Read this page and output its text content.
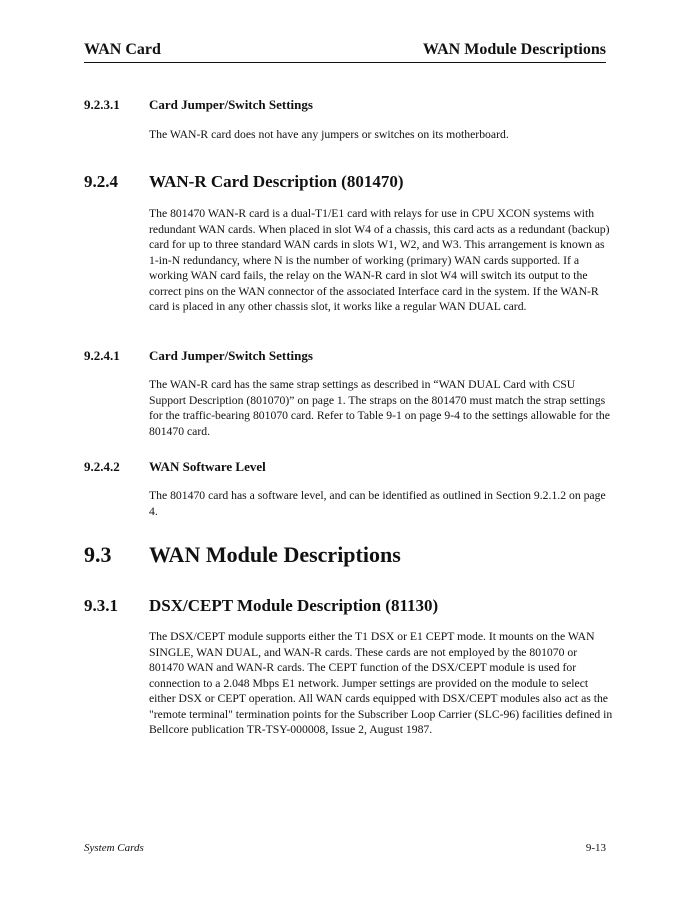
WAN Card	WAN Module Descriptions
9.2.3.1 Card Jumper/Switch Settings

The WAN-R card does not have any jumpers or switches on its motherboard.

9.2.4 WAN-R Card Description (801470)

The 801470 WAN-R card is a dual-T1/E1 card with relays for use in CPU XCON systems with redundant WAN cards. When placed in slot W4 of a chassis, this card acts as a redundant (backup) card for up to three standard WAN cards in slots W1, W2, and W3. This arrangement is known as 1-in-N redundancy, where N is the number of working (primary) WAN cards supported. If a working WAN card fails, the relay on the WAN-R card in slot W4 will switch its output to the correct pins on the WAN connector of the associated Interface card in the system. If the WAN-R card is placed in any other chassis slot, it works like a regular WAN DUAL card.

9.2.4.1 Card Jumper/Switch Settings

The WAN-R card has the same strap settings as described in “WAN DUAL Card with CSU Support Description (801070)” on page 1. The straps on the 801470 must match the strap settings for the traffic-bearing 801070 card. Refer to Table 9-1 on page 9-4 to the settings allowable for the 801470 card.

9.2.4.2 WAN Software Level

The 801470 card has a software level, and can be identified as outlined in Section 9.2.1.2 on page 4.

9.3 WAN Module Descriptions
9.3.1 DSX/CEPT Module Description (81130)

The DSX/CEPT module supports either the T1 DSX or E1 CEPT mode. It mounts on the WAN SINGLE, WAN DUAL, and WAN-R cards. These cards are not employed by the 801070 or 801470 WAN and WAN-R cards. The CEPT function of the DSX/CEPT module is used for connection to a 2.048 Mbps E1 network. Jumper settings are provided on the module to select either DSX or CEPT operation. All WAN cards equipped with DSX/CEPT modules also act as the "remote terminal" termination points for the Subscriber Loop Carrier (SLC-96) facilities defined in Bellcore publication TR-TSY-000008, Issue 2, August 1987.

System Cards	9-13
